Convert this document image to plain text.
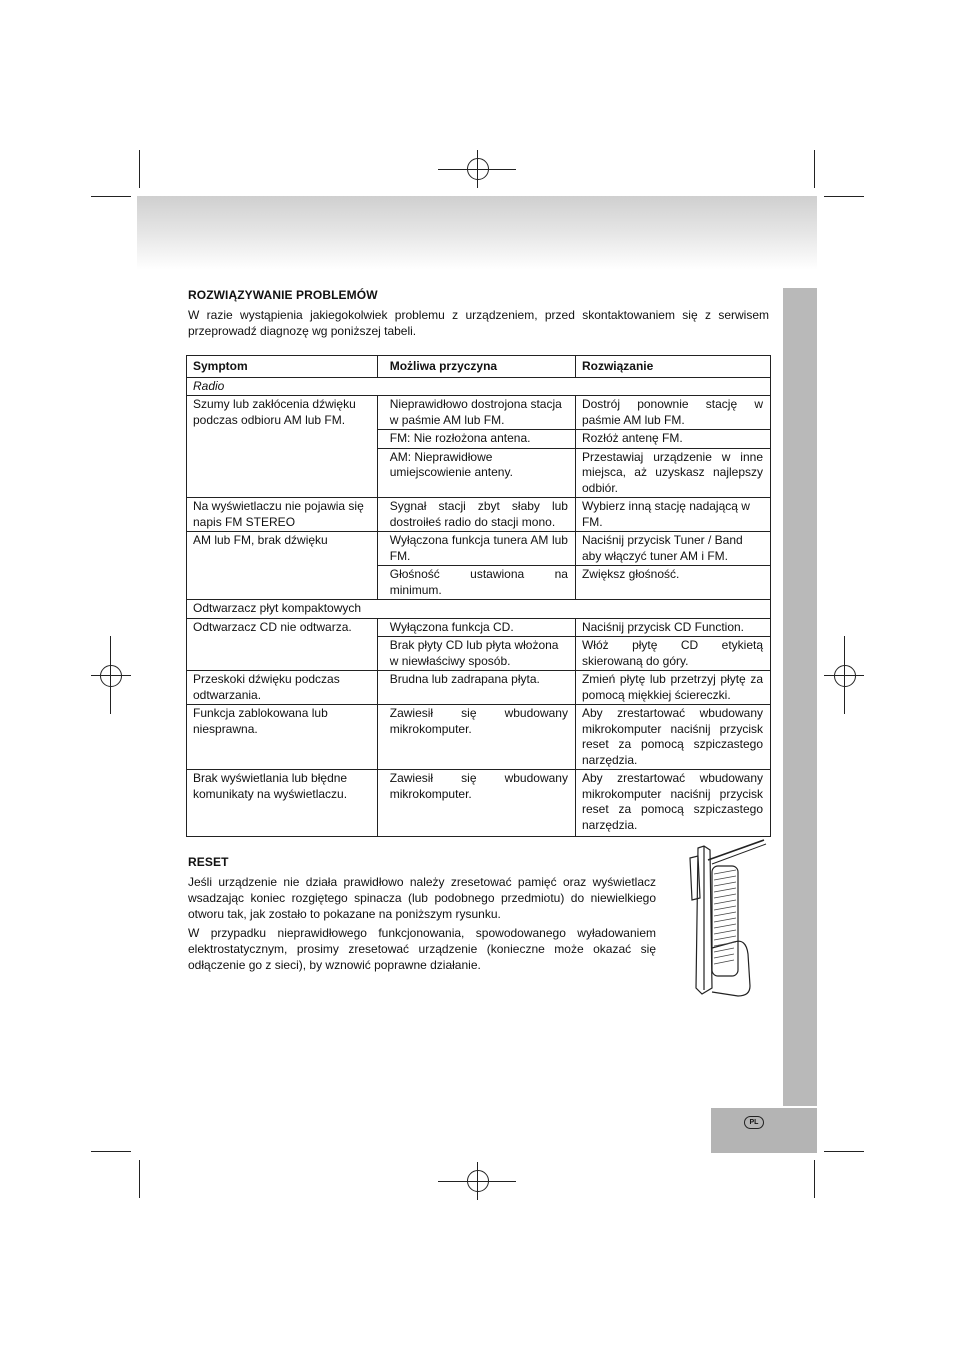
PL
ROZWIĄZYWANIE PROBLEMÓW
W razie wystąpienia jakiegokolwiek problemu z urządzeniem, przed skontaktowaniem się z serwisem przeprowadź diagnozę wg poniższej tabeli.
Symptom	Możliwa przyczyna	Rozwiązanie
Radio		
Szumy lub zakłócenia dźwięku podczas odbioru AM lub FM.	Nieprawidłowo dostrojona stacja w paśmie AM lub FM.	Dostrój ponownie stację w paśmie AM lub FM.
	FM: Nie rozłożona antena.	Rozłóż antenę FM.
	AM: Nieprawidłowe umiejscowienie anteny.	Przestawiaj urządzenie w inne miejsca, aż uzyskasz najlepszy odbiór.
Na wyświetlaczu nie pojawia się napis FM STEREO	Sygnał stacji zbyt słaby lub dostroiłeś radio do stacji mono.	Wybierz inną stację nadającą w FM.
AM lub FM, brak dźwięku	Wyłączona funkcja tunera AM lub FM.	Naciśnij przycisk Tuner / Band aby włączyć tuner AM i FM.
	Głośność ustawiona na minimum.	Zwiększ głośność.
Odtwarzacz płyt kompaktowych		
Odtwarzacz CD nie odtwarza.	Wyłączona funkcja CD.	Naciśnij przycisk CD Function.
	Brak płyty CD lub płyta włożona w niewłaściwy sposób.	Włóż płytę CD etykietą skierowaną do góry.
Przeskoki dźwięku podczas odtwarzania.	Brudna lub zadrapana płyta.	Zmień płytę lub przetrzyj płytę za pomocą miękkiej ściereczki.
Funkcja zablokowana lub niesprawna.	Zawiesił się wbudowany mikrokomputer.	Aby zrestartować wbudowany mikrokomputer naciśnij przycisk reset za pomocą szpiczastego narzędzia.
Brak wyświetlania lub błędne komunikaty na wyświetlaczu.	Zawiesił się wbudowany mikrokomputer.	Aby zrestartować wbudowany mikrokomputer naciśnij przycisk reset za pomocą szpiczastego narzędzia.
RESET
Jeśli urządzenie nie działa prawidłowo należy zresetować pamięć oraz wyświetlacz wsadzając koniec rozgiętego spinacza (lub podobnego przedmiotu) do niewielkiego otworu tak, jak zostało to pokazane na poniższym rysunku.
W przypadku nieprawidłowego funkcjonowania, spowodowanego wyładowaniem elektrostatycznym, prosimy zresetować urządzenie (konieczne może okazać się odłączenie go z sieci), by wznowić poprawne działanie.
